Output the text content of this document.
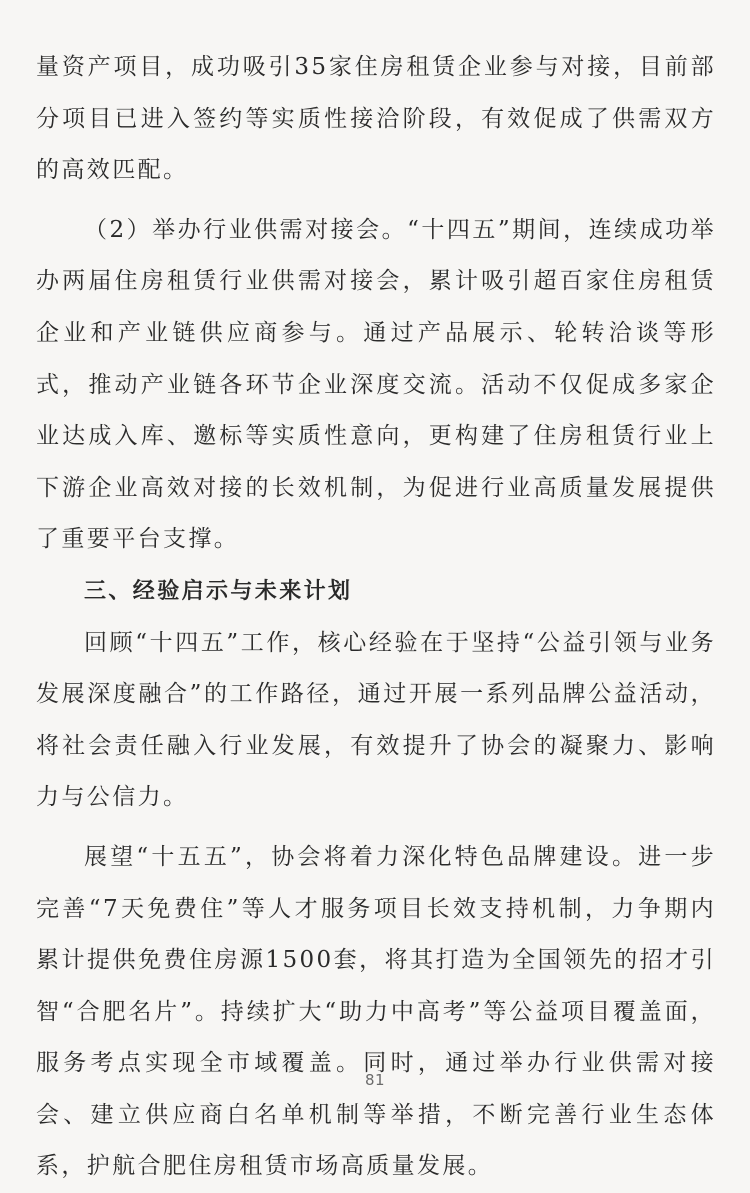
量资产项目，成功吸引35家住房租赁企业参与对接，目前部分项目已进入签约等实质性接洽阶段，有效促成了供需双方的高效匹配。

（2）举办行业供需对接会。“十四五”期间，连续成功举办两届住房租赁行业供需对接会，累计吸引超百家住房租赁企业和产业链供应商参与。通过产品展示、轮转洽谈等形式，推动产业链各环节企业深度交流。活动不仅促成多家企业达成入库、邀标等实质性意向，更构建了住房租赁行业上下游企业高效对接的长效机制，为促进行业高质量发展提供了重要平台支撑。

三、经验启示与未来计划

回顾“十四五”工作，核心经验在于坚持“公益引领与业务发展深度融合”的工作路径，通过开展一系列品牌公益活动，将社会责任融入行业发展，有效提升了协会的凝聚力、影响力与公信力。

展望“十五五”，协会将着力深化特色品牌建设。进一步完善“7天免费住”等人才服务项目长效支持机制，力争期内累计提供免费住房源1500套，将其打造为全国领先的招才引智“合肥名片”。持续扩大“助力中高考”等公益项目覆盖面，服务考点实现全市域覆盖。同时，通过举办行业供需对接会、建立供应商白名单机制等举措，不断完善行业生态体系，护航合肥住房租赁市场高质量发展。

81
